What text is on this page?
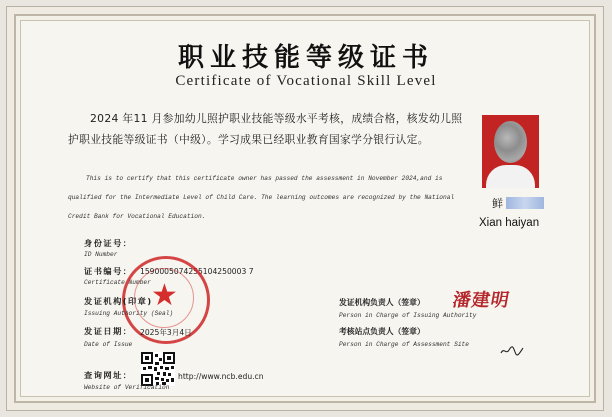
职业技能等级证书
Certificate of Vocational Skill Level
2024 年11 月参加幼儿照护职业技能等级水平考核，成绩合格，核发幼儿照护职业技能等级证书（中级）。学习成果已经职业教育国家学分银行认定。
This is to certify that this certificate owner has passed the assessment in November 2024,and is qualified for the Intermediate Level of Child Care. The learning outcomes are recognized by the National Credit Bank for Vocational Education.
鲜
Xian haiyan
身份证号：
ID Number
证书编号： 1590005074255104250003 7
Certificate Number ★
发证机构(印章)
Issuing Authority (Seal)
发证日期： 2025年3月4日
Date of Issue
查询网址：	http://www.ncb.edu.cn
Website of Verification
发证机构负责人（签章）
Person in Charge of Issuing Authority
潘建明
考核站点负责人（签章）
Person in Charge of Assessment Site
